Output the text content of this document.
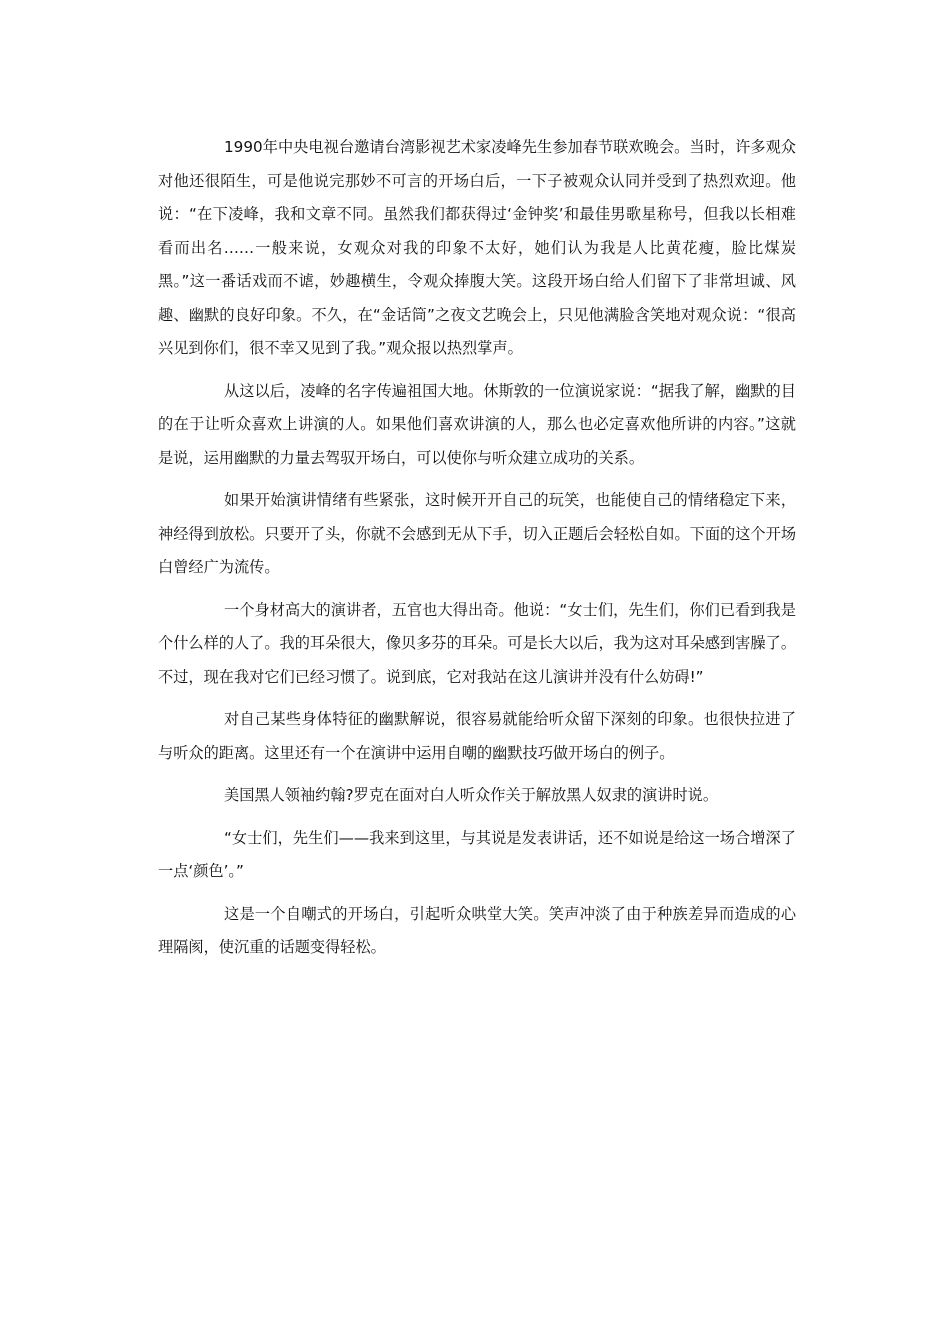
1990年中央电视台邀请台湾影视艺术家凌峰先生参加春节联欢晚会。当时，许多观众对他还很陌生，可是他说完那妙不可言的开场白后，一下子被观众认同并受到了热烈欢迎。他说：“在下凌峰，我和文章不同。虽然我们都获得过‘金钟奖’和最佳男歌星称号，但我以长相难看而出名……一般来说，女观众对我的印象不太好，她们认为我是人比黄花瘦，脸比煤炭黑。”这一番话戏而不谑，妙趣横生，令观众捧腹大笑。这段开场白给人们留下了非常坦诚、风趣、幽默的良好印象。不久，在“金话筒”之夜文艺晚会上，只见他满脸含笑地对观众说：“很高兴见到你们，很不幸又见到了我。”观众报以热烈掌声。

从这以后，凌峰的名字传遍祖国大地。休斯敦的一位演说家说：“据我了解，幽默的目的在于让听众喜欢上讲演的人。如果他们喜欢讲演的人，那么也必定喜欢他所讲的内容。”这就是说，运用幽默的力量去驾驭开场白，可以使你与听众建立成功的关系。

如果开始演讲情绪有些紧张，这时候开开自己的玩笑，也能使自己的情绪稳定下来，神经得到放松。只要开了头，你就不会感到无从下手，切入正题后会轻松自如。下面的这个开场白曾经广为流传。

一个身材高大的演讲者，五官也大得出奇。他说：“女士们，先生们，你们已看到我是个什么样的人了。我的耳朵很大，像贝多芬的耳朵。可是长大以后，我为这对耳朵感到害臊了。不过，现在我对它们已经习惯了。说到底，它对我站在这儿演讲并没有什么妨碍!”

对自己某些身体特征的幽默解说，很容易就能给听众留下深刻的印象。也很快拉进了与听众的距离。这里还有一个在演讲中运用自嘲的幽默技巧做开场白的例子。

美国黑人领袖约翰?罗克在面对白人听众作关于解放黑人奴隶的演讲时说。

“女士们，先生们——我来到这里，与其说是发表讲话，还不如说是给这一场合增深了一点‘颜色’。”

这是一个自嘲式的开场白，引起听众哄堂大笑。笑声冲淡了由于种族差异而造成的心理隔阂，使沉重的话题变得轻松。
